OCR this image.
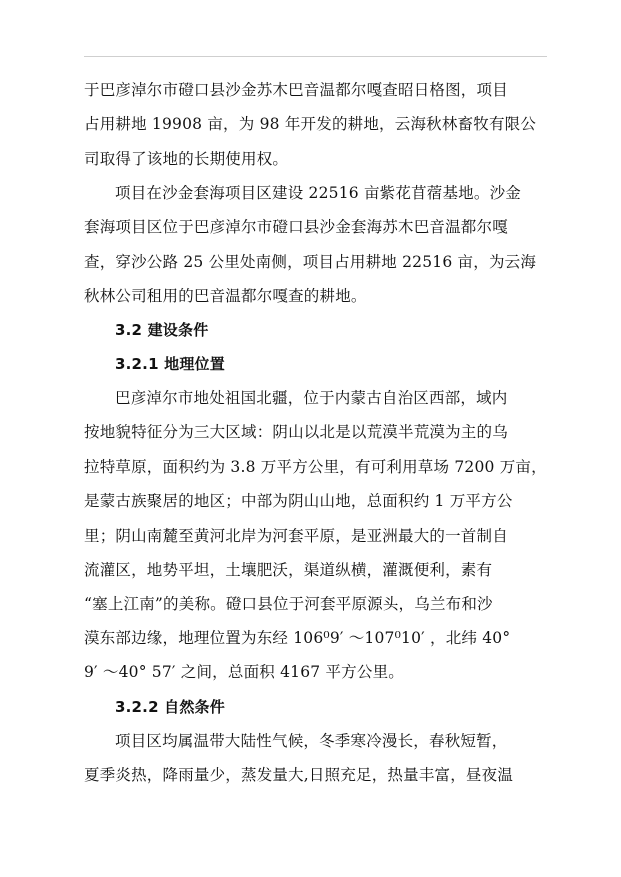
于巴彦淖尔市磴口县沙金苏木巴音温都尔嘎查昭日格图，项目
占用耕地 19908 亩，为 98 年开发的耕地，云海秋林畜牧有限公
司取得了该地的长期使用权。
项目在沙金套海项目区建设 22516 亩紫花苜蓿基地。沙金
套海项目区位于巴彦淖尔市磴口县沙金套海苏木巴音温都尔嘎
查，穿沙公路 25 公里处南侧，项目占用耕地 22516 亩，为云海
秋林公司租用的巴音温都尔嘎查的耕地。
3.2 建设条件
3.2.1 地理位置
巴彦淖尔市地处祖国北疆，位于内蒙古自治区西部，域内
按地貌特征分为三大区域：阴山以北是以荒漠半荒漠为主的乌
拉特草原，面积约为 3.8 万平方公里，有可利用草场 7200 万亩，
是蒙古族聚居的地区；中部为阴山山地，总面积约 1 万平方公
里；阴山南麓至黄河北岸为河套平原，是亚洲最大的一首制自
流灌区，地势平坦，土壤肥沃，渠道纵横，灌溉便利，素有
“塞上江南”的美称。磴口县位于河套平原源头，乌兰布和沙
漠东部边缘，地理位置为东经 106⁰9′ ～107⁰10′ ，北纬 40°
9′ ～40° 57′ 之间，总面积 4167 平方公里。
3.2.2 自然条件
项目区均属温带大陆性气候，冬季寒冷漫长，春秋短暂，
夏季炎热，降雨量少，蒸发量大,日照充足，热量丰富，昼夜温
